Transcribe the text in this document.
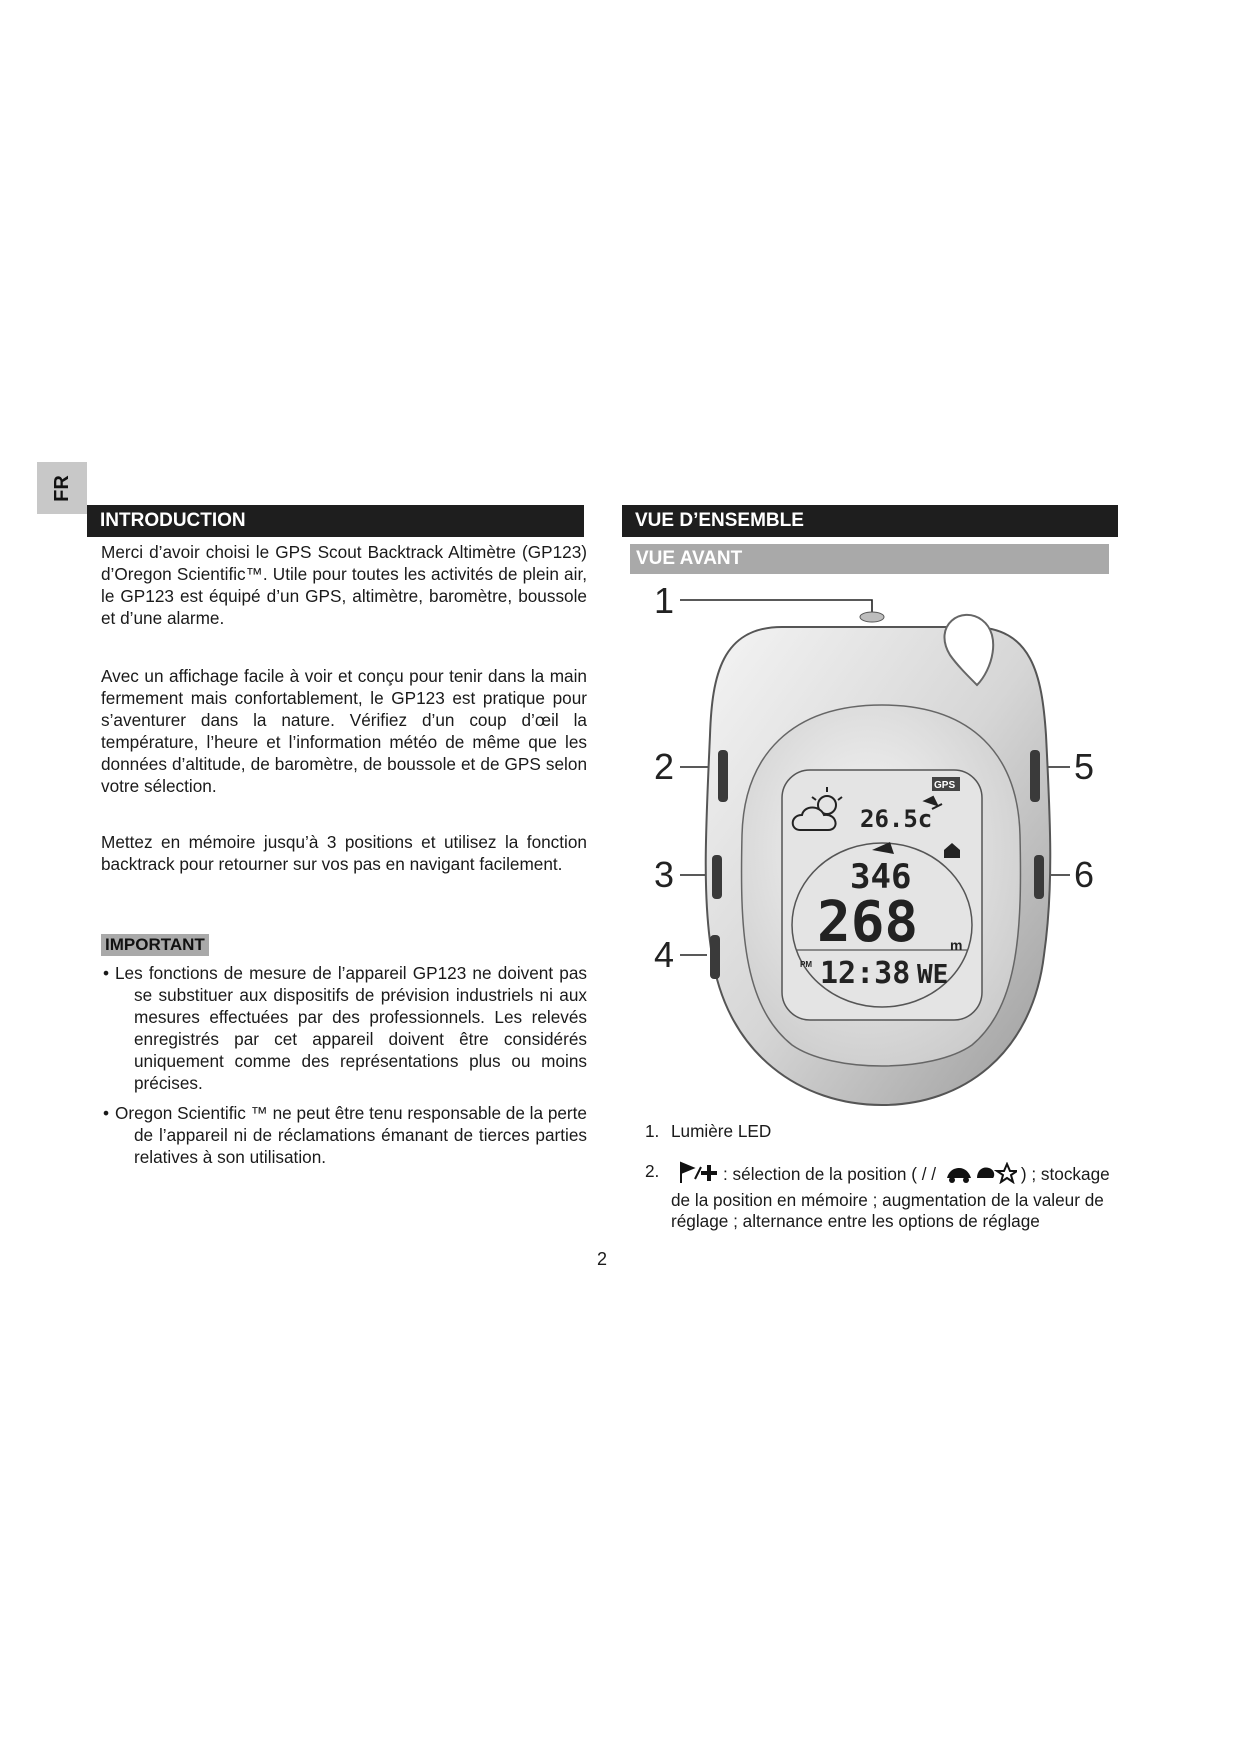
FR
INTRODUCTION

Merci d’avoir choisi le GPS Scout Backtrack Altimètre (GP123) d’Oregon Scientific™. Utile pour toutes les activités de plein air, le GP123 est équipé d’un GPS, altimètre, baromètre, boussole et d’une alarme.

Avec un affichage facile à voir et conçu pour tenir dans la main fermement mais confortablement, le GP123 est pratique pour s’aventurer dans la nature. Vérifiez d’un coup d’œil la température, l’heure et l’information météo de même que les données d’altitude, de baromètre, de boussole et de GPS selon votre sélection.

Mettez en mémoire jusqu’à 3 positions et utilisez la fonction backtrack pour retourner sur vos pas en navigant facilement.

IMPORTANT
• Les fonctions de mesure de l’appareil GP123 ne doivent pas se substituer aux dispositifs de prévision industriels ni aux mesures effectuées par des professionnels. Les relevés enregistrés par cet appareil doivent être considérés uniquement comme des représentations plus ou moins précises.
• Oregon Scientific ™ ne peut être tenu responsable de la perte de l’appareil ni de réclamations émanant de tierces parties relatives à son utilisation.
VUE D’ENSEMBLE
VUE AVANT
1
2
3
4
5
6
GPS
26.5c
346
268 m
PM 12:38 WE
1. Lumière LED
2.	: sélection de la position ( / /	) ; stockage de la position en mémoire ; augmentation de la valeur de réglage ; alternance entre les options de réglage
2
